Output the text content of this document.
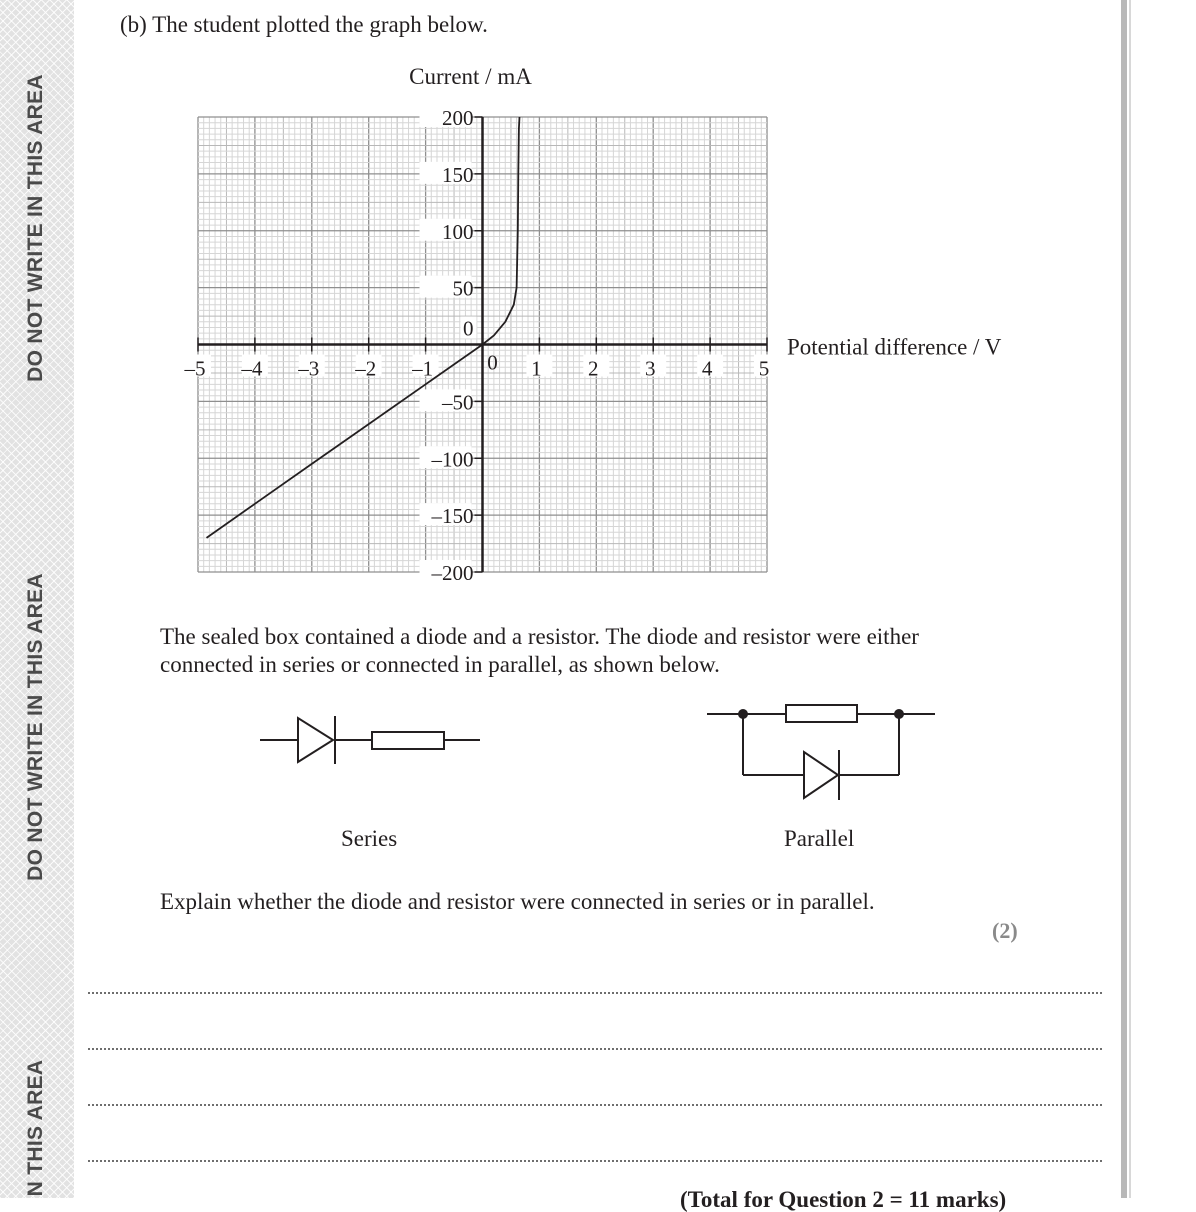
DO NOT WRITE IN THIS AREA
DO NOT WRITE IN THIS AREA
N THIS AREA
(b) The student plotted the graph below.
–5 –4 –3 –2 –1	0 1 2 3 4 5
200
150
100
50
0
–50
–100
–150
–200
Current / mA
Potential difference / V
The sealed box contained a diode and a resistor. The diode and resistor were either
connected in series or connected in parallel, as shown below.
Series	Parallel
Explain whether the diode and resistor were connected in series or in parallel.
(2)
(Total for Question 2 = 11 marks)
